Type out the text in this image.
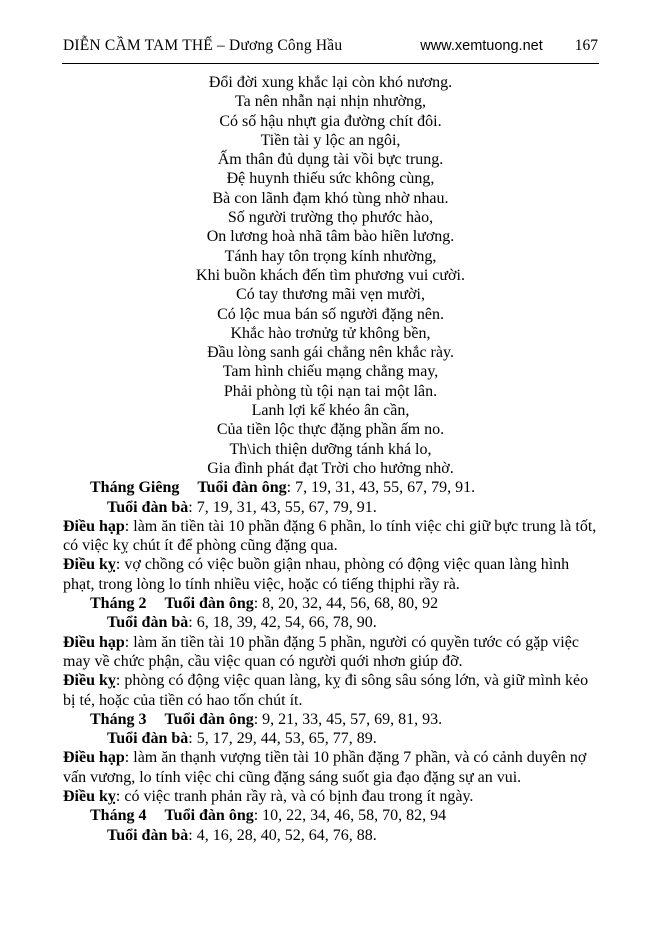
DIỄN CẦM TAM THẾ – Dương Công Hầu	www.xemtuong.net 167
Đổi đời xung khắc lại còn khó nương.
Ta nên nhẫn nại nhịn nhường,
Có số hậu nhựt gia đường chít đôi.
Tiền tài y lộc an ngôi,
Ấm thân đủ dụng tài vồi bực trung.
Đệ huynh thiếu sức không cùng,
Bà con lãnh đạm khó tùng nhờ nhau.
Số người trường thọ phước hào,
On lương hoà nhã tâm bào hiền lương.
Tánh hay tôn trọng kính nhường,
Khi buồn khách đến tìm phương vui cười.
Có tay thương mãi vẹn mười,
Có lộc mua bán số người đặng nên.
Khắc hào trơnửg tử không bền,
Đầu lòng sanh gái chẳng nên khắc rày.
Tam hình chiếu mạng chẳng may,
Phải phòng tù tội nạn tai một lân.
Lanh lợi kế khéo ân cần,
Của tiền lộc thực đặng phần ấm no.
Th\ich thiện dưỡng tánh khá lo,
Gia đình phát đạt Trời cho hưởng nhờ.
Tháng Giêng Tuổi đàn ông: 7, 19, 31, 43, 55, 67, 79, 91.
Tuổi đàn bà: 7, 19, 31, 43, 55, 67, 79, 91.

Điều hạp: làm ăn tiền tài 10 phần đặng 6 phần, lo tính việc chi giữ bực trung là tốt, có việc kỵ chút ít để phòng cũng đặng qua.

Điều kỵ: vợ chồng có việc buồn giận nhau, phòng có động việc quan làng hình phạt, trong lòng lo tính nhiều việc, hoặc có tiếng thịphi rầy rà.

Tháng 2 Tuổi đàn ông: 8, 20, 32, 44, 56, 68, 80, 92
Tuổi đàn bà: 6, 18, 39, 42, 54, 66, 78, 90.

Điều hạp: làm ăn tiền tài 10 phần đặng 5 phần, người có quyền tước có gặp việc may về chức phận, cầu việc quan có người quới nhơn giúp đỡ.

Điều kỵ: phòng có động việc quan làng, kỵ đi sông sâu sóng lớn, và giữ mình kẻo bị té, hoặc của tiền có hao tốn chút ít.

Tháng 3 Tuổi đàn ông: 9, 21, 33, 45, 57, 69, 81, 93.
Tuổi đàn bà: 5, 17, 29, 44, 53, 65, 77, 89.

Điều hạp: làm ăn thạnh vượng tiền tài 10 phần đặng 7 phần, và có cảnh duyên nợ vấn vương, lo tính việc chi cũng đặng sáng suốt gia đạo đặng sự an vui.

Điều kỵ: có việc tranh phản rầy rà, và có bịnh đau trong ít ngày.

Tháng 4 Tuổi đàn ông: 10, 22, 34, 46, 58, 70, 82, 94
Tuổi đàn bà: 4, 16, 28, 40, 52, 64, 76, 88.
